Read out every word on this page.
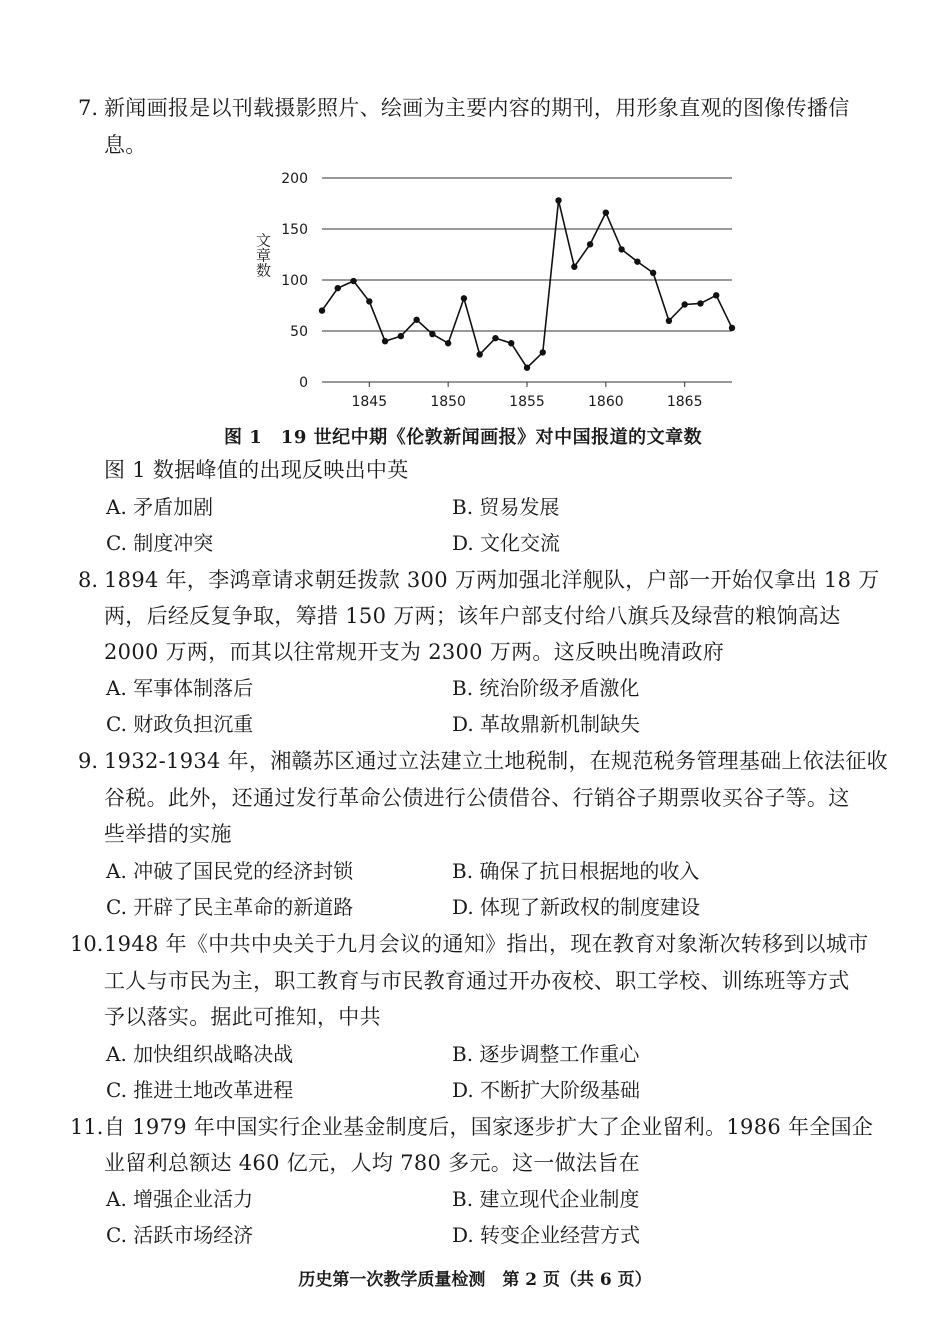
7. 新闻画报是以刊载摄影照片、绘画为主要内容的期刊，用形象直观的图像传播信
息。
0
50
100
150
200
1845	1850	1855	1860	1865
文章数
图 1　19 世纪中期《伦敦新闻画报》对中国报道的文章数
图 1 数据峰值的出现反映出中英
A. 矛盾加剧	B. 贸易发展
C. 制度冲突	D. 文化交流
8. 1894 年，李鸿章请求朝廷拨款 300 万两加强北洋舰队，户部一开始仅拿出 18 万
两，后经反复争取，筹措 150 万两；该年户部支付给八旗兵及绿营的粮饷高达
2000 万两，而其以往常规开支为 2300 万两。这反映出晚清政府
A. 军事体制落后	B. 统治阶级矛盾激化
C. 财政负担沉重	D. 革故鼎新机制缺失
9. 1932-1934 年，湘赣苏区通过立法建立土地税制，在规范税务管理基础上依法征收
谷税。此外，还通过发行革命公债进行公债借谷、行销谷子期票收买谷子等。这
些举措的实施
A. 冲破了国民党的经济封锁	B. 确保了抗日根据地的收入
C. 开辟了民主革命的新道路	D. 体现了新政权的制度建设
10. 1948 年《中共中央关于九月会议的通知》指出，现在教育对象渐次转移到以城市
工人与市民为主，职工教育与市民教育通过开办夜校、职工学校、训练班等方式
予以落实。据此可推知，中共
A. 加快组织战略决战	B. 逐步调整工作重心
C. 推进土地改革进程	D. 不断扩大阶级基础
11. 自 1979 年中国实行企业基金制度后，国家逐步扩大了企业留利。1986 年全国企
业留利总额达 460 亿元，人均 780 多元。这一做法旨在
A. 增强企业活力	B. 建立现代企业制度
C. 活跃市场经济	D. 转变企业经营方式
历史第一次教学质量检测　第 2 页（共 6 页）
